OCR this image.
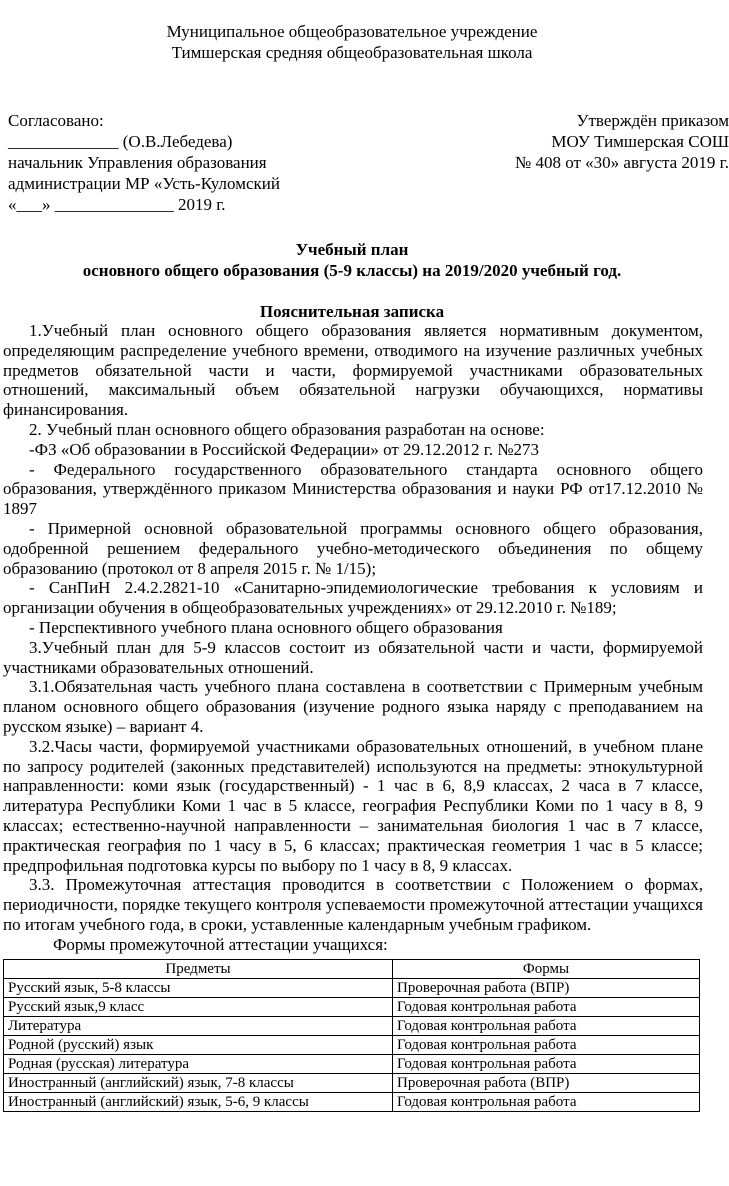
Муниципальное общеобразовательное учреждение
Тимшерская средняя общеобразовательная школа
Согласовано:
_____________ (О.В.Лебедева)
начальник Управления образования
администрации МР «Усть-Куломский
«___» ______________ 2019 г.
Утверждён приказом
МОУ Тимшерская СОШ
№ 408 от «30» августа 2019 г.
Учебный план
основного общего образования (5-9 классы) на 2019/2020 учебный год.
Пояснительная записка

1.Учебный план основного общего образования является нормативным документом, определяющим распределение учебного времени, отводимого на изучение различных учебных предметов обязательной части и части, формируемой участниками образовательных отношений, максимальный объем обязательной нагрузки обучающихся, нормативы финансирования.

2. Учебный план основного общего образования разработан на основе:

-ФЗ «Об образовании в Российской Федерации» от 29.12.2012 г. №273

- Федерального государственного образовательного стандарта основного общего образования, утверждённого приказом Министерства образования и науки РФ от17.12.2010 № 1897

- Примерной основной образовательной программы основного общего образования, одобренной решением федерального учебно-методического объединения по общему образованию (протокол от 8 апреля 2015 г. № 1/15);

- СанПиН 2.4.2.2821-10 «Санитарно-эпидемиологические требования к условиям и организации обучения в общеобразовательных учреждениях» от 29.12.2010 г. №189;

- Перспективного учебного плана основного общего образования

3.Учебный план для 5-9 классов состоит из обязательной части и части, формируемой участниками образовательных отношений.

3.1.Обязательная часть учебного плана составлена в соответствии с Примерным учебным планом основного общего образования (изучение родного языка наряду с преподаванием на русском языке) – вариант 4.

3.2.Часы части, формируемой участниками образовательных отношений, в учебном плане по запросу родителей (законных представителей) используются на предметы: этнокультурной направленности: коми язык (государственный) - 1 час в 6, 8,9 классах, 2 часа в 7 классе, литература Республики Коми 1 час в 5 классе, география Республики Коми по 1 часу в 8, 9 классах; естественно-научной направленности – занимательная биология 1 час в 7 классе, практическая география по 1 часу в 5, 6 классах; практическая геометрия 1 час в 5 классе; предпрофильная подготовка курсы по выбору по 1 часу в 8, 9 классах.

3.3. Промежуточная аттестация проводится в соответствии с Положением о формах, периодичности, порядке текущего контроля успеваемости промежуточной аттестации учащихся по итогам учебного года, в сроки, уставленные календарным учебным графиком.

Формы промежуточной аттестации учащихся:

Предметы	Формы
Русский язык, 5-8 классы	Проверочная работа (ВПР)
Русский язык,9 класс	Годовая контрольная работа
Литература	Годовая контрольная работа
Родной (русский) язык	Годовая контрольная работа
Родная (русская) литература	Годовая контрольная работа
Иностранный (английский) язык, 7-8 классы	Проверочная работа (ВПР)
Иностранный (английский) язык, 5-6, 9 классы	Годовая контрольная работа
